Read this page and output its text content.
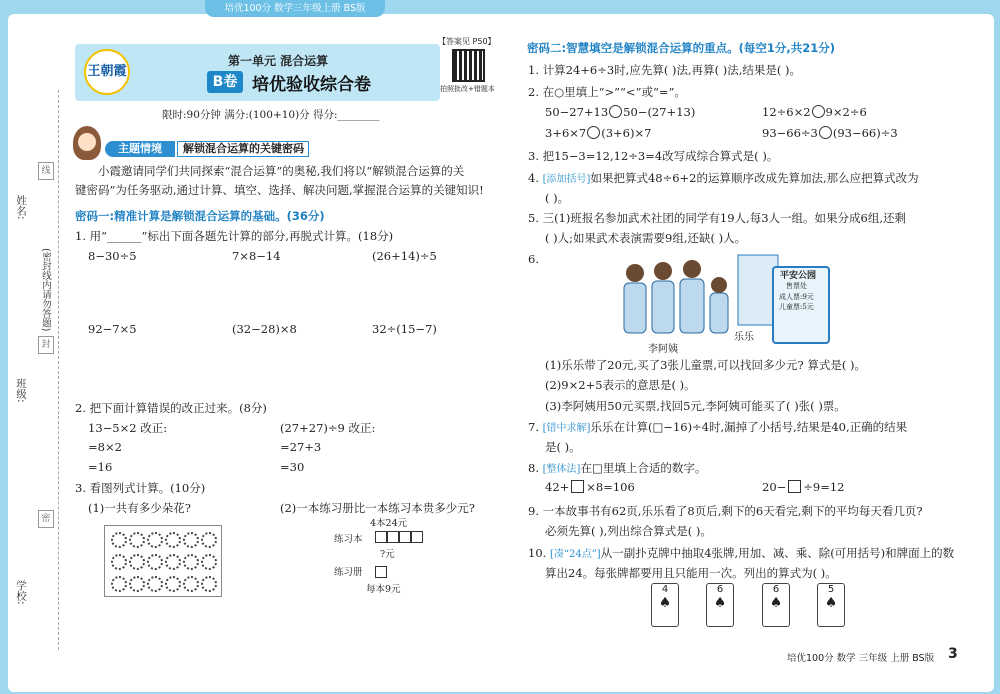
培优100分 数学三年级上册 BS版
姓名:
班级:
学校:
(密封线内请勿答题)
线
封
密
王朝霞
第一单元 混合运算
B卷 培优验收综合卷
【答案见 P50】
拍照批改+错题本
限时:90分钟 满分:(100+10)分 得分:________
主题情境	解锁混合运算的关键密码
小霞邀请同学们共同探索“混合运算”的奥秘,我们将以“解锁混合运算的关
键密码”为任务驱动,通过计算、填空、选择、解决问题,掌握混合运算的关键知识!
密码一:精准计算是解锁混合运算的基础。(36分)
1. 用“______”标出下面各题先计算的部分,再脱式计算。(18分)
8−30÷5	7×8−14	(26+14)÷5
92−7×5	(32−28)×8	32÷(15−7)
2. 把下面计算错误的改正过来。(8分)
13−5×2 改正:
=8×2
=16
(27+27)÷9 改正:
=27+3
=30
3. 看图列式计算。(10分)
(1)一共有多少朵花?	(2)一本练习册比一本练习本贵多少元?
4本24元
练习本
?元
练习册
每本9元
密码二:智慧填空是解锁混合运算的重点。(每空1分,共21分)
1. 计算24+6÷3时,应先算( )法,再算( )法,结果是( )。
2. 在○里填上“>”“<”或“=”。
50−27+13 50−(27+13)	12÷6×2 9×2÷6
3+6×7 (3+6)×7	93−66÷3 (93−66)÷3
3. 把15−3=12,12÷3=4改写成综合算式是( )。
4. [添加括号]如果把算式48÷6+2的运算顺序改成先算加法,那么应把算式改为
( )。
5. 三(1)班报名参加武术社团的同学有19人,每3人一组。如果分成6组,还剩
( )人;如果武术表演需要9组,还缺( )人。
6.
平安公园
售票处
成人票:9元
儿童票:5元
乐乐
李阿姨
(1)乐乐带了20元,买了3张儿童票,可以找回多少元? 算式是( )。
(2)9×2+5表示的意思是( )。
(3)李阿姨用50元买票,找回5元,李阿姨可能买了( )张( )票。
7. [错中求解]乐乐在计算(□−16)÷4时,漏掉了小括号,结果是40,正确的结果
是( )。
8. [整体法]在□里填上合适的数字。
42+ ×8=106	20− ÷9=12
9. 一本故事书有62页,乐乐看了8页后,剩下的6天看完,剩下的平均每天看几页?
必须先算( ),列出综合算式是( )。
10. [凑“24点”]从一副扑克牌中抽取4张牌,用加、减、乘、除(可用括号)和牌面上的数
算出24。每张牌都要用且只能用一次。列出的算式为( )。
4
♠
6
♠
6
♠
5
♠
培优100分 数学 三年级 上册 BS版 3
